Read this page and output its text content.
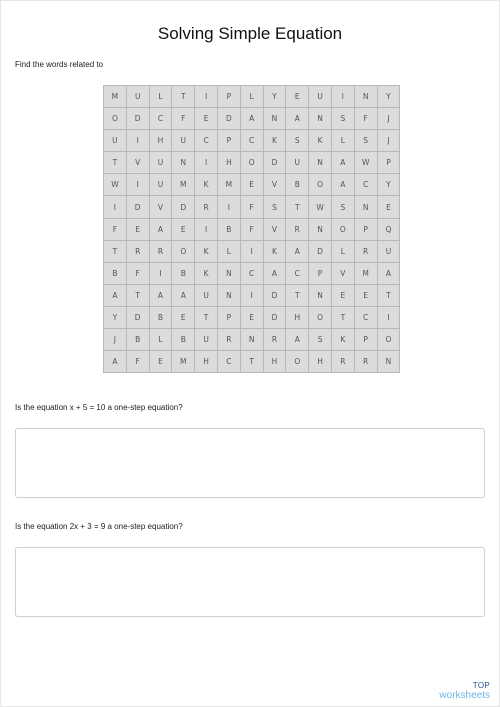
Solving Simple Equation
Find the words related to
M	U	L	T	I	P	L	Y	E	U	I	N	Y
O	D	C	F	E	D	A	N	A	N	S	F	J
U	I	H	U	C	P	C	K	S	K	L	S	J
T	V	U	N	I	H	O	D	U	N	A	W	P
W	I	U	M	K	M	E	V	B	O	A	C	Y
I	D	V	D	R	I	F	S	T	W	S	N	E
F	E	A	E	I	B	F	V	R	N	O	P	Q
T	R	R	O	K	L	I	K	A	D	L	R	U
B	F	I	B	K	N	C	A	C	P	V	M	A
A	T	A	A	U	N	I	D	T	N	E	E	T
Y	D	B	E	T	P	E	D	H	O	T	C	I
J	B	L	B	U	R	N	R	A	S	K	P	O
A	F	E	M	H	C	T	H	O	H	R	R	N
Is the equation x + 5 = 10 a one-step equation?
Is the equation 2x + 3 = 9 a one-step equation?
TOP
worksheets
